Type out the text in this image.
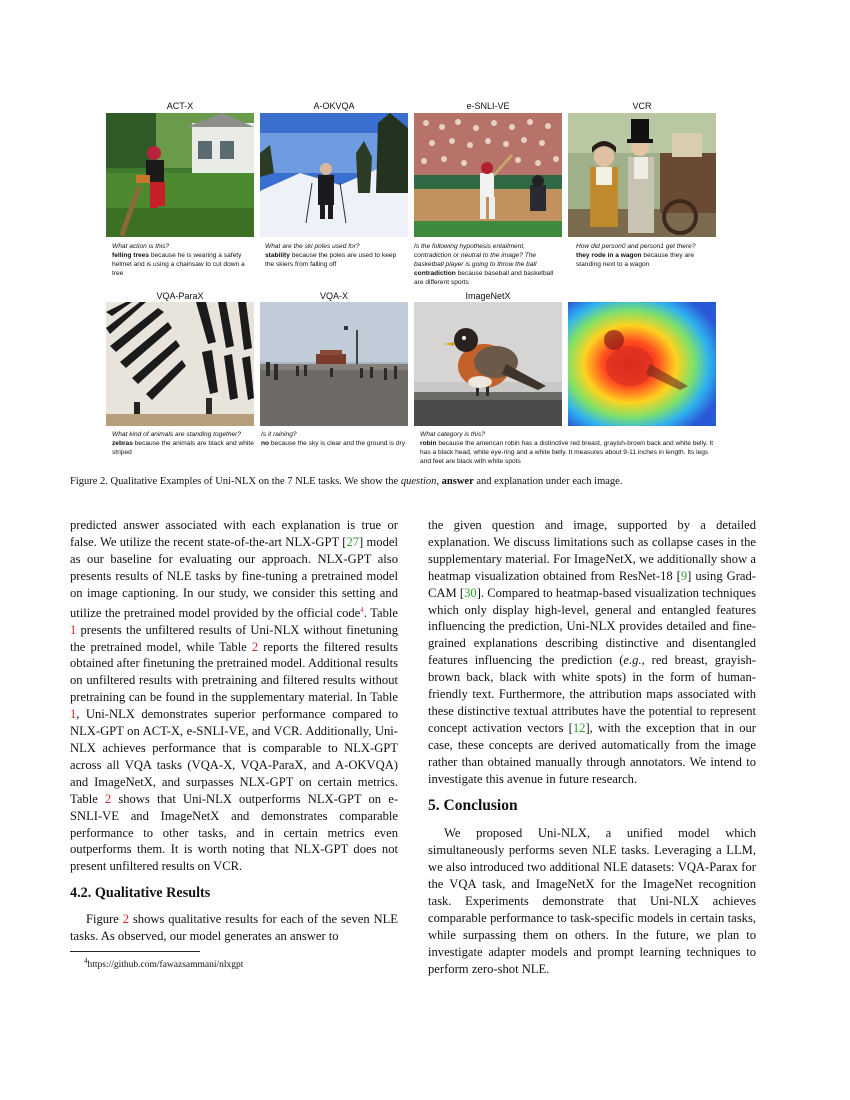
ACT-X	A-OKVQA	e-SNLI-VE	VCR
What action is this?
felling trees because he is wearing a safety helmet and is using a chainsaw to cut down a tree
What are the ski poles used for?
stability because the poles are used to keep the skiers from falling off
Is the following hypothesis entailment, contradiction or neutral to the image? The basketball player is going to throw the ball
contradiction because baseball and basketball are different sports
How did person0 and person1 get there?
they rode in a wagon because they are standing next to a wagon
VQA-ParaX	VQA-X	ImageNetX
What kind of animals are standing together?
zebras because the animals are black and white striped
Is it raining?
no because the sky is clear and the ground is dry
What category is this?
robin because the american robin has a distinctive red breast, grayish-brown back and white belly. It has a black head, white eye-ring and a white belly. It measures about 9-11 inches in length. Its legs and feet are black with white spots
Figure 2. Qualitative Examples of Uni-NLX on the 7 NLE tasks. We show the question, answer and explanation under each image.

predicted answer associated with each explanation is true or false. We utilize the recent state-of-the-art NLX-GPT [27] model as our baseline for evaluating our approach. NLX-GPT also presents results of NLE tasks by fine-tuning a pretrained model on image captioning. In our study, we consider this setting and utilize the pretrained model provided by the official code$^4$. Table 1 presents the unfiltered results of Uni-NLX without finetuning the pretrained model, while Table 2 reports the filtered results obtained after finetuning the pretrained model. Additional results on unfiltered results with pretraining and filtered results without pretraining can be found in the supplementary material. In Table 1, Uni-NLX demonstrates superior performance compared to NLX-GPT on ACT-X, e-SNLI-VE, and VCR. Additionally, Uni-NLX achieves performance that is comparable to NLX-GPT across all VQA tasks (VQA-X, VQA-ParaX, and A-OKVQA) and ImageNetX, and surpasses NLX-GPT on certain metrics. Table 2 shows that Uni-NLX outperforms NLX-GPT on e-SNLI-VE and ImageNetX and demonstrates comparable performance to other tasks, and in certain metrics even outperforms them. It is worth noting that NLX-GPT does not present unfiltered results on VCR.

4.2. Qualitative Results

Figure 2 shows qualitative results for each of the seven NLE tasks. As observed, our model generates an answer to

$^4$https://github.com/fawazsammani/nlxgpt

the given question and image, supported by a detailed explanation. We discuss limitations such as collapse cases in the supplementary material. For ImageNetX, we additionally show a heatmap visualization obtained from ResNet-18 [9] using Grad-CAM [30]. Compared to heatmap-based visualization techniques which only display high-level, general and entangled features influencing the prediction, Uni-NLX provides detailed and fine-grained explanations describing distinctive and disentangled features influencing the prediction (e.g., red breast, grayish-brown back, black with white spots) in the form of human-friendly text. Furthermore, the attribution maps associated with these distinctive textual attributes have the potential to represent concept activation vectors [12], with the exception that in our case, these concepts are derived automatically from the image rather than obtained manually through annotators. We intend to investigate this avenue in future research.

5. Conclusion

We proposed Uni-NLX, a unified model which simultaneously performs seven NLE tasks. Leveraging a LLM, we also introduced two additional NLE datasets: VQA-Parax for the VQA task, and ImageNetX for the ImageNet recognition task. Experiments demonstrate that Uni-NLX achieves comparable performance to task-specific models in certain tasks, while surpassing them on others. In the future, we plan to investigate adapter models and prompt learning techniques to perform zero-shot NLE.
